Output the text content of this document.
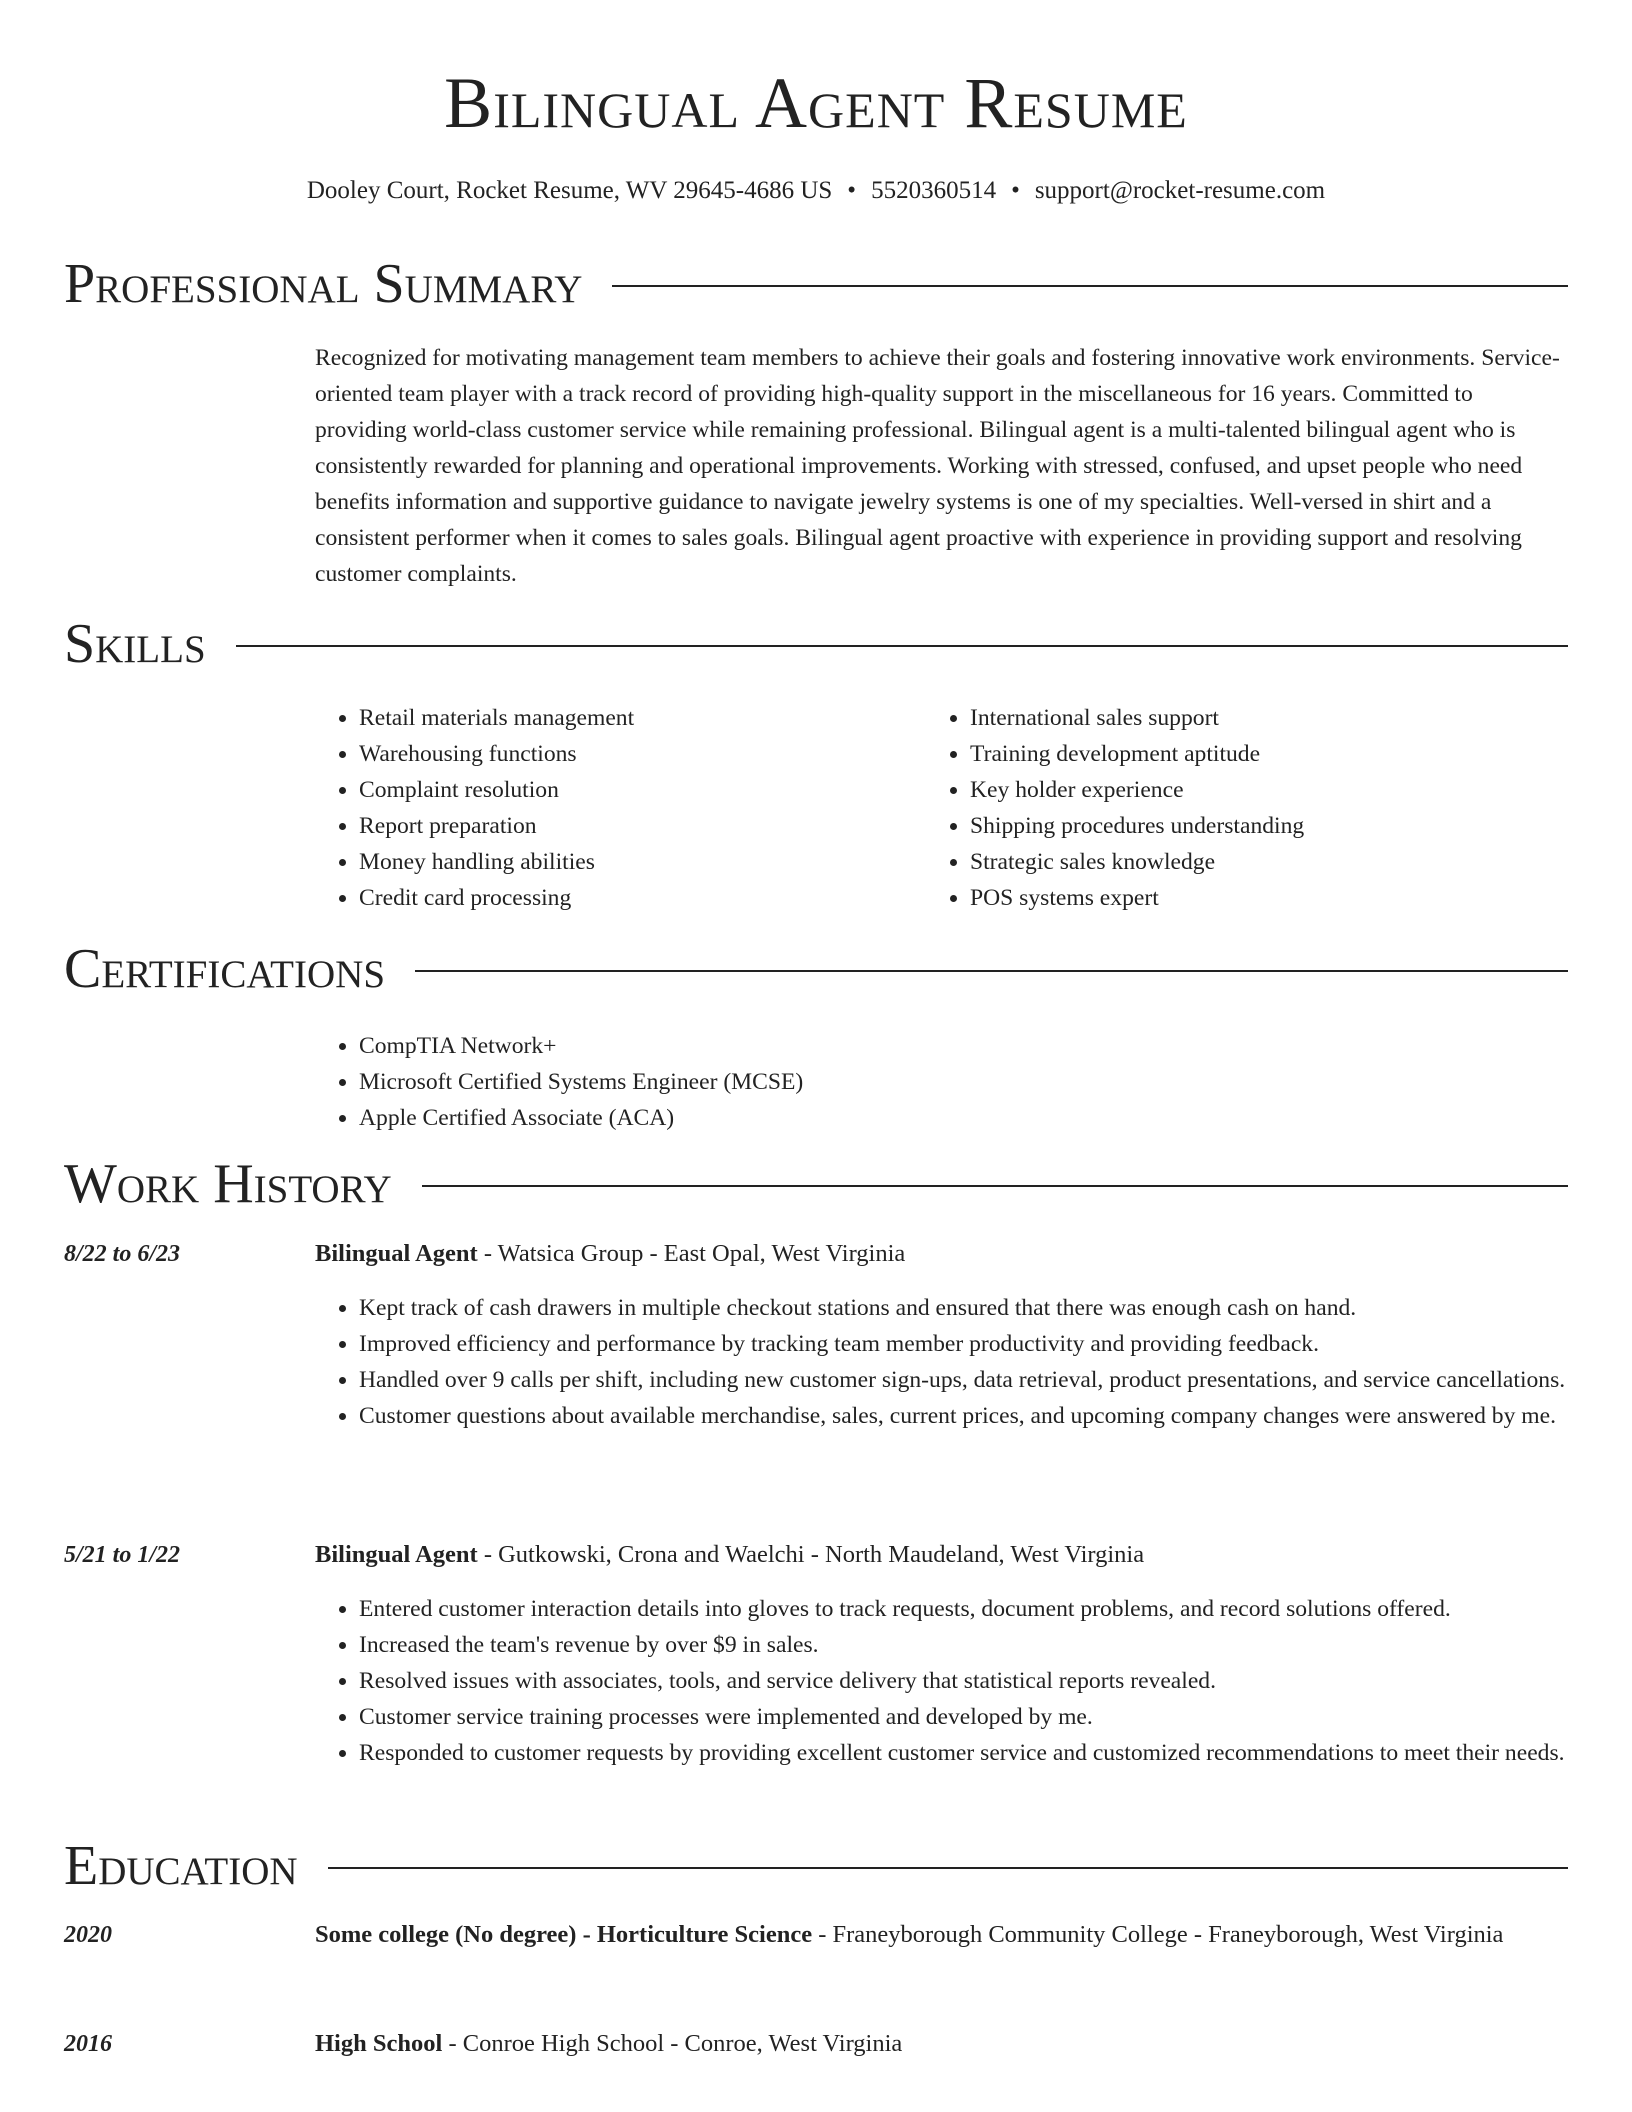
Bilingual Agent Resume
Dooley Court, Rocket Resume, WV 29645-4686 US • 5520360514 • support@rocket-resume.com
Professional Summary

Recognized for motivating management team members to achieve their goals and fostering innovative work environments. Service-oriented team player with a track record of providing high-quality support in the miscellaneous for 16 years. Committed to providing world-class customer service while remaining professional. Bilingual agent is a multi-talented bilingual agent who is consistently rewarded for planning and operational improvements. Working with stressed, confused, and upset people who need benefits information and supportive guidance to navigate jewelry systems is one of my specialties. Well-versed in shirt and a consistent performer when it comes to sales goals. Bilingual agent proactive with experience in providing support and resolving customer complaints.

Skills
• Retail materials management
• Warehousing functions
• Complaint resolution
• Report preparation
• Money handling abilities
• Credit card processing
• International sales support
• Training development aptitude
• Key holder experience
• Shipping procedures understanding
• Strategic sales knowledge
• POS systems expert
Certifications
• CompTIA Network+
• Microsoft Certified Systems Engineer (MCSE)
• Apple Certified Associate (ACA)
Work History
8/22 to 6/23	Bilingual Agent - Watsica Group - East Opal, West Virginia
• Kept track of cash drawers in multiple checkout stations and ensured that there was enough cash on hand.
• Improved efficiency and performance by tracking team member productivity and providing feedback.
• Handled over 9 calls per shift, including new customer sign-ups, data retrieval, product presentations, and service cancellations.
• Customer questions about available merchandise, sales, current prices, and upcoming company changes were answered by me.
5/21 to 1/22	Bilingual Agent - Gutkowski, Crona and Waelchi - North Maudeland, West Virginia
• Entered customer interaction details into gloves to track requests, document problems, and record solutions offered.
• Increased the team's revenue by over $9 in sales.
• Resolved issues with associates, tools, and service delivery that statistical reports revealed.
• Customer service training processes were implemented and developed by me.
• Responded to customer requests by providing excellent customer service and customized recommendations to meet their needs.
Education
2020	Some college (No degree) - Horticulture Science - Franeyborough Community College - Franeyborough, West Virginia
2016	High School - Conroe High School - Conroe, West Virginia
